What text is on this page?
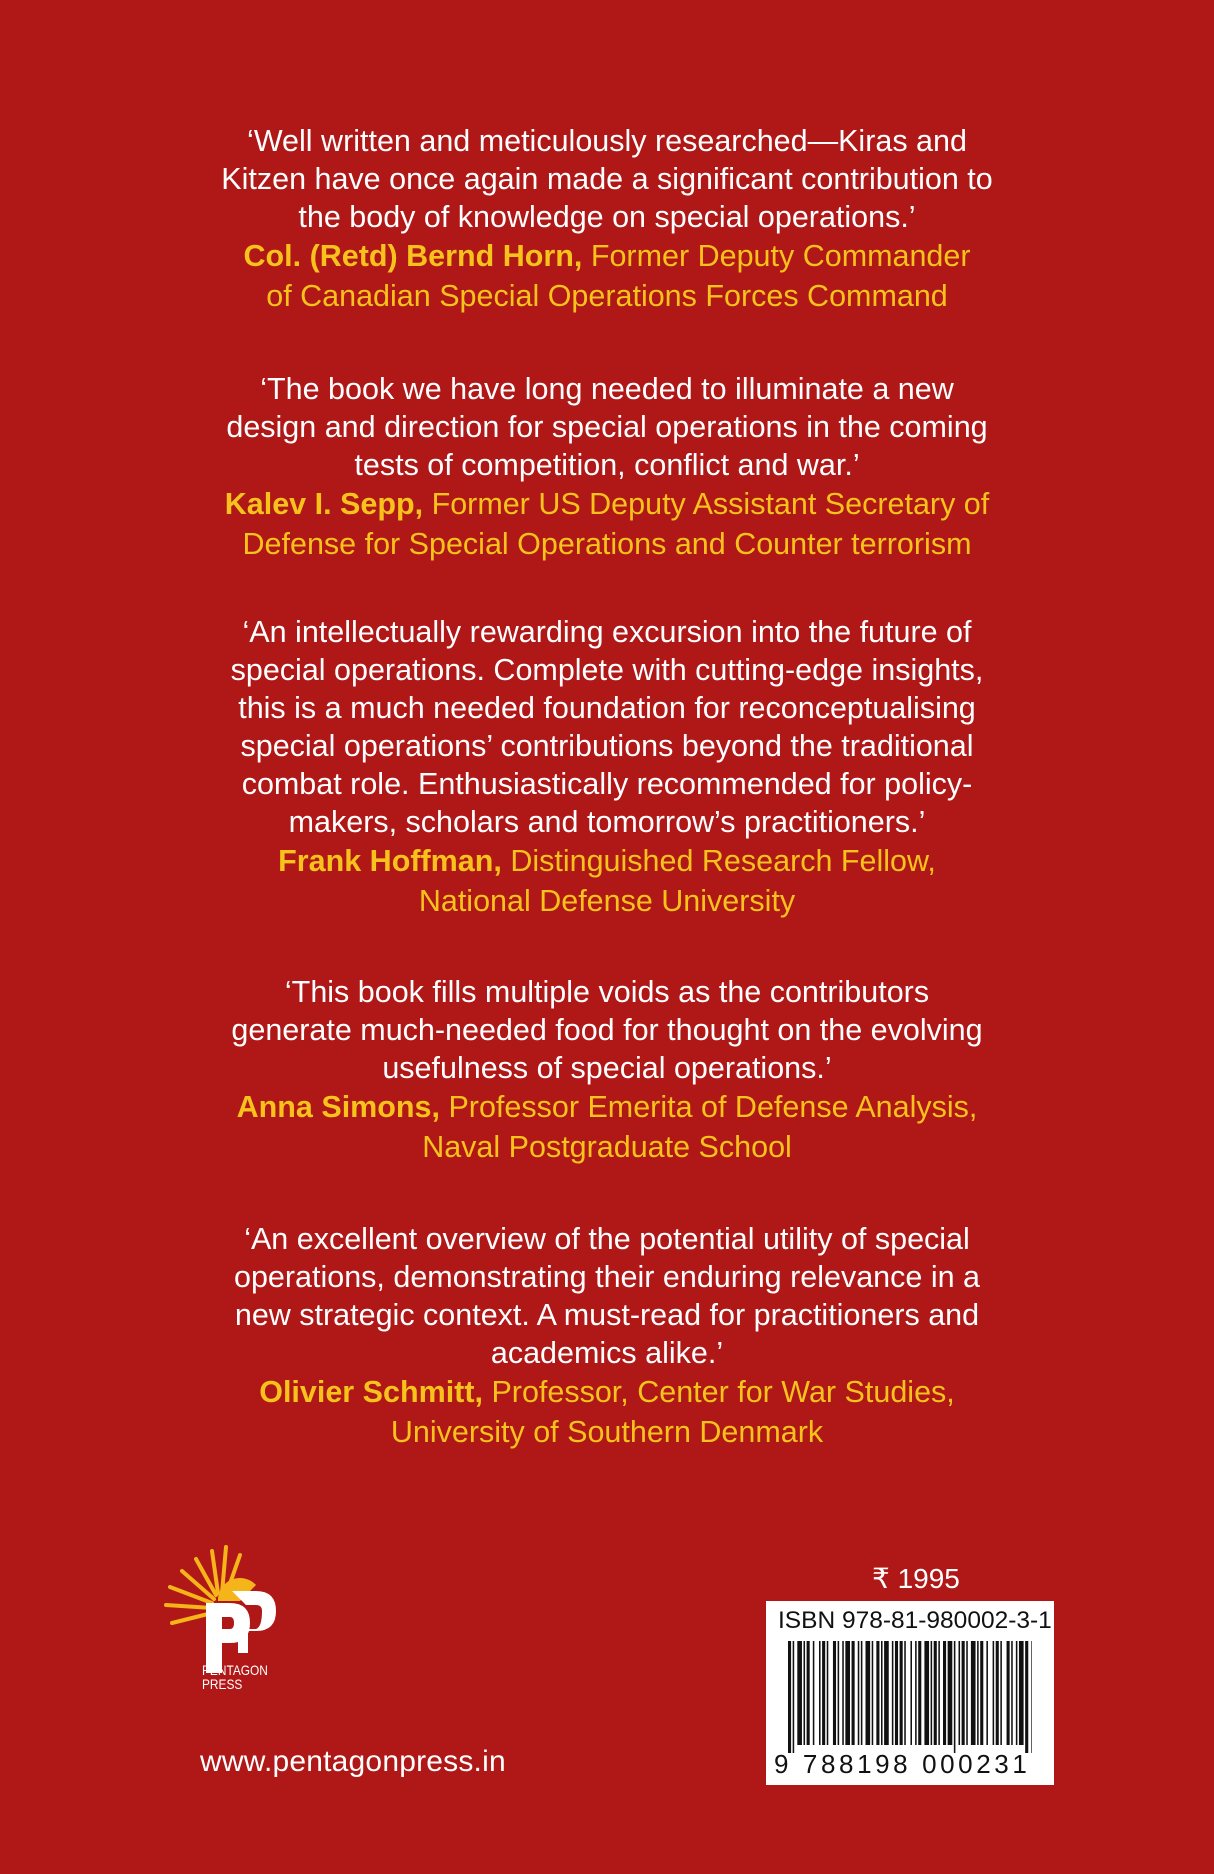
‘Well written and meticulously researched—Kiras and
Kitzen have once again made a significant contribution to
the body of knowledge on special operations.’
Col. (Retd) Bernd Horn, Former Deputy Commander
of Canadian Special Operations Forces Command
‘The book we have long needed to illuminate a new
design and direction for special operations in the coming
tests of competition, conflict and war.’
Kalev I. Sepp, Former US Deputy Assistant Secretary of
Defense for Special Operations and Counter terrorism
‘An intellectually rewarding excursion into the future of
special operations. Complete with cutting-edge insights,
this is a much needed foundation for reconceptualising
special operations’ contributions beyond the traditional
combat role. Enthusiastically recommended for policy-
makers, scholars and tomorrow’s practitioners.’
Frank Hoffman, Distinguished Research Fellow,
National Defense University
‘This book fills multiple voids as the contributors
generate much-needed food for thought on the evolving
usefulness of special operations.’
Anna Simons, Professor Emerita of Defense Analysis,
Naval Postgraduate School
‘An excellent overview of the potential utility of special
operations, demonstrating their enduring relevance in a
new strategic context. A must-read for practitioners and
academics alike.’
Olivier Schmitt, Professor, Center for War Studies,
University of Southern Denmark
PENTAGON
PRESS
www.pentagonpress.in
₹ 1995
ISBN 978-81-980002-3-1
9 788198 000231
